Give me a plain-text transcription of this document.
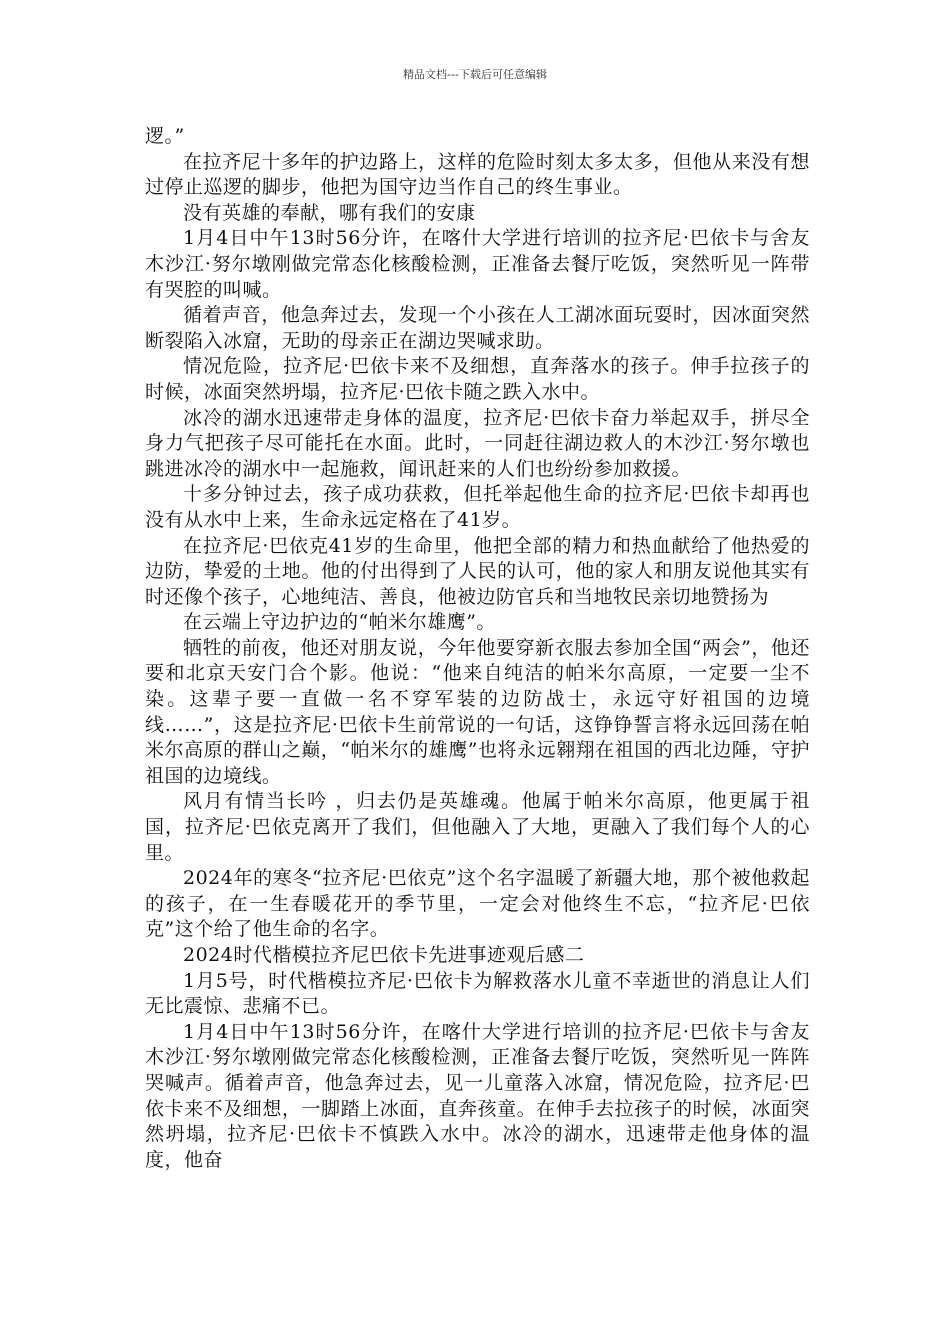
精品文档---下载后可任意编辑

逻。”

在拉齐尼十多年的护边路上，这样的危险时刻太多太多，但他从来没有想过停止巡逻的脚步，他把为国守边当作自己的终生事业。

没有英雄的奉献，哪有我们的安康

1月4日中午13时56分许，在喀什大学进行培训的拉齐尼·巴依卡与舍友木沙江·努尔墩刚做完常态化核酸检测，正准备去餐厅吃饭，突然听见一阵带有哭腔的叫喊。

循着声音，他急奔过去，发现一个小孩在人工湖冰面玩耍时，因冰面突然断裂陷入冰窟，无助的母亲正在湖边哭喊求助。

情况危险，拉齐尼·巴依卡来不及细想，直奔落水的孩子。伸手拉孩子的时候，冰面突然坍塌，拉齐尼·巴依卡随之跌入水中。

冰冷的湖水迅速带走身体的温度，拉齐尼·巴依卡奋力举起双手，拼尽全身力气把孩子尽可能托在水面。此时，一同赶往湖边救人的木沙江·努尔墩也跳进冰冷的湖水中一起施救，闻讯赶来的人们也纷纷参加救援。

十多分钟过去，孩子成功获救，但托举起他生命的拉齐尼·巴依卡却再也没有从水中上来，生命永远定格在了41岁。

在拉齐尼·巴依克41岁的生命里，他把全部的精力和热血献给了他热爱的边防，挚爱的土地。他的付出得到了人民的认可，他的家人和朋友说他其实有时还像个孩子，心地纯洁、善良，他被边防官兵和当地牧民亲切地赞扬为

在云端上守边护边的“帕米尔雄鹰”。

牺牲的前夜，他还对朋友说，今年他要穿新衣服去参加全国“两会”，他还要和北京天安门合个影。他说：“他来自纯洁的帕米尔高原，一定要一尘不染。这辈子要一直做一名不穿军装的边防战士，永远守好祖国的边境线……”，这是拉齐尼·巴依卡生前常说的一句话，这铮铮誓言将永远回荡在帕米尔高原的群山之巅，“帕米尔的雄鹰”也将永远翱翔在祖国的西北边陲，守护祖国的边境线。

风月有情当长吟 ，归去仍是英雄魂。他属于帕米尔高原，他更属于祖国，拉齐尼·巴依克离开了我们，但他融入了大地，更融入了我们每个人的心里。

2024年的寒冬“拉齐尼·巴依克”这个名字温暖了新疆大地，那个被他救起的孩子，在一生春暖花开的季节里，一定会对他终生不忘，“拉齐尼·巴依克”这个给了他生命的名字。

2024时代楷模拉齐尼巴依卡先进事迹观后感二

1月5号，时代楷模拉齐尼·巴依卡为解救落水儿童不幸逝世的消息让人们无比震惊、悲痛不已。

1月4日中午13时56分许，在喀什大学进行培训的拉齐尼·巴依卡与舍友木沙江·努尔墩刚做完常态化核酸检测，正准备去餐厅吃饭，突然听见一阵阵哭喊声。循着声音，他急奔过去，见一儿童落入冰窟，情况危险，拉齐尼·巴依卡来不及细想，一脚踏上冰面，直奔孩童。在伸手去拉孩子的时候，冰面突然坍塌，拉齐尼·巴依卡不慎跌入水中。冰冷的湖水，迅速带走他身体的温度，他奋
